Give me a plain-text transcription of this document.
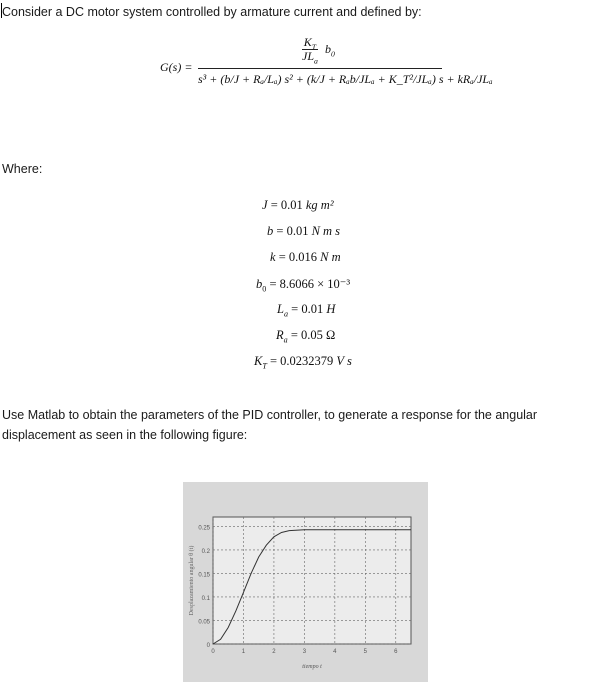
Consider a DC motor system controlled by armature current and defined by:
G(s) =
$K_T$
$JL_a$
$b_0$
s³ + (b/J + Rₐ/Lₐ) s² + (k/J + Rₐb/JLₐ + K_T²/JLₐ) s + kRₐ/JLₐ
Where:
J = 0.01 kg m²
b = 0.01 N m s
k = 0.016 N m
$b_0 = 8.6066 \times 10^{-3}$
$L_a = 0.01$ H
$R_a = 0.05$ Ω
$K_T = 0.0232379$ V s
Use Matlab to obtain the parameters of the PID controller, to generate a response for the angular displacement as seen in the following figure:
0
0.05
0.1
0.15
0.2
0.25
0	1	2	3	4	5	6
tiempo t
Desplazamiento angular θ (t)
